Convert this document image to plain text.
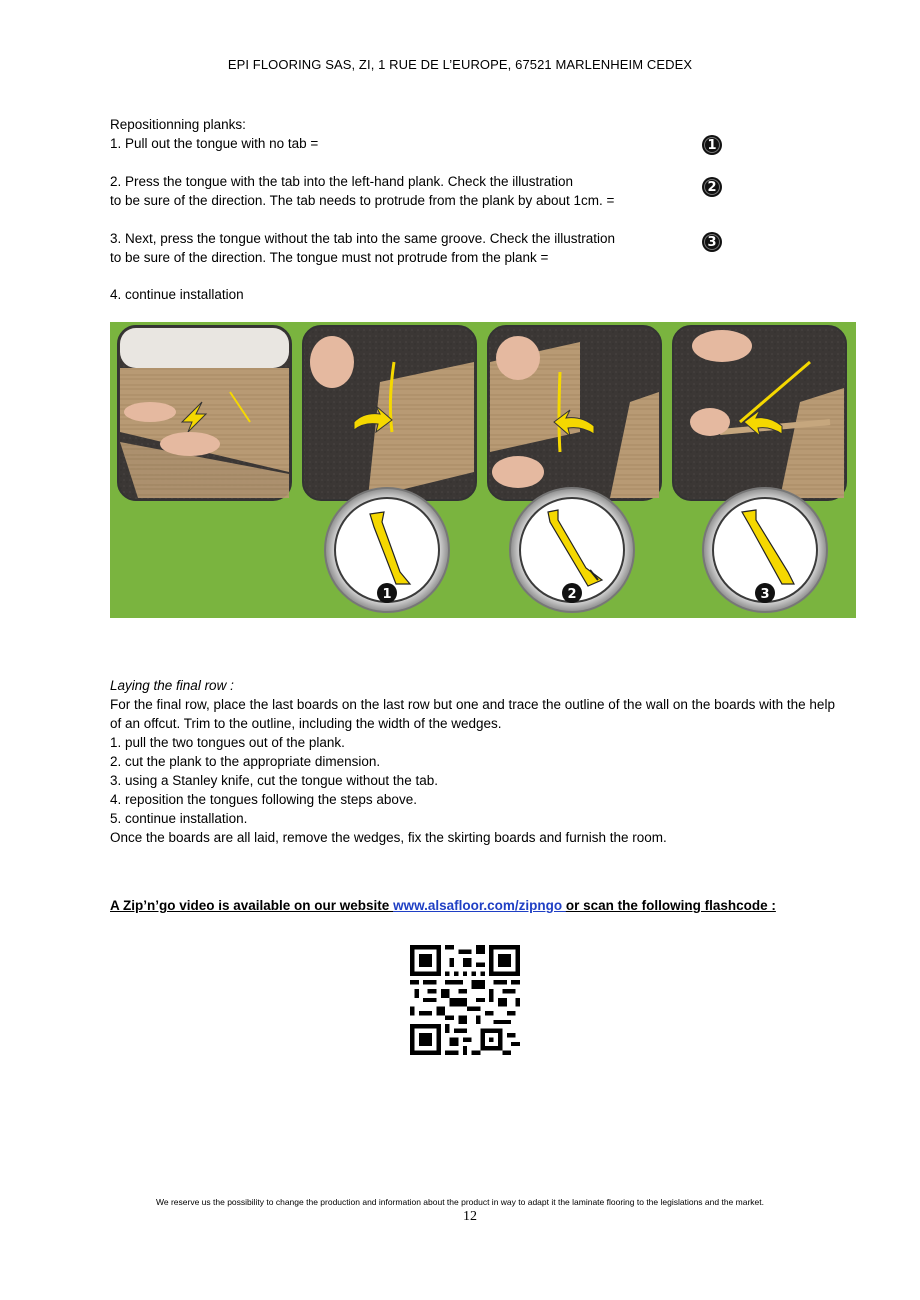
EPI FLOORING SAS, ZI, 1 RUE DE L’EUROPE, 67521 MARLENHEIM CEDEX
Repositionning planks:
1. Pull out the tongue with no tab =	1
2. Press the tongue with the tab into the left-hand plank. Check the illustration
to be sure of the direction. The tab needs to protrude from the plank by about 1cm. =
2
3. Next, press the tongue without the tab into the same groove. Check the illustration
to be sure of the direction. The tongue must not protrude from the plank =
3
4. continue installation
1	2	3

Laying the final row :

For the final row, place the last boards on the last row but one and trace the outline of the wall on the boards with the help of an offcut. Trim to the outline, including the width of the wedges.

1. pull the two tongues out of the plank.

2. cut the plank to the appropriate dimension.

3. using a Stanley knife, cut the tongue without the tab.

4. reposition the tongues following the steps above.

5. continue installation.

Once the boards are all laid, remove the wedges, fix the skirting boards and furnish the room.

A Zip’n’go video is available on our website www.alsafloor.com/zipngo or scan the following flashcode :
We reserve us the possibility to change the production and information about the product in way to adapt it the laminate flooring to the legislations and the market.
12
